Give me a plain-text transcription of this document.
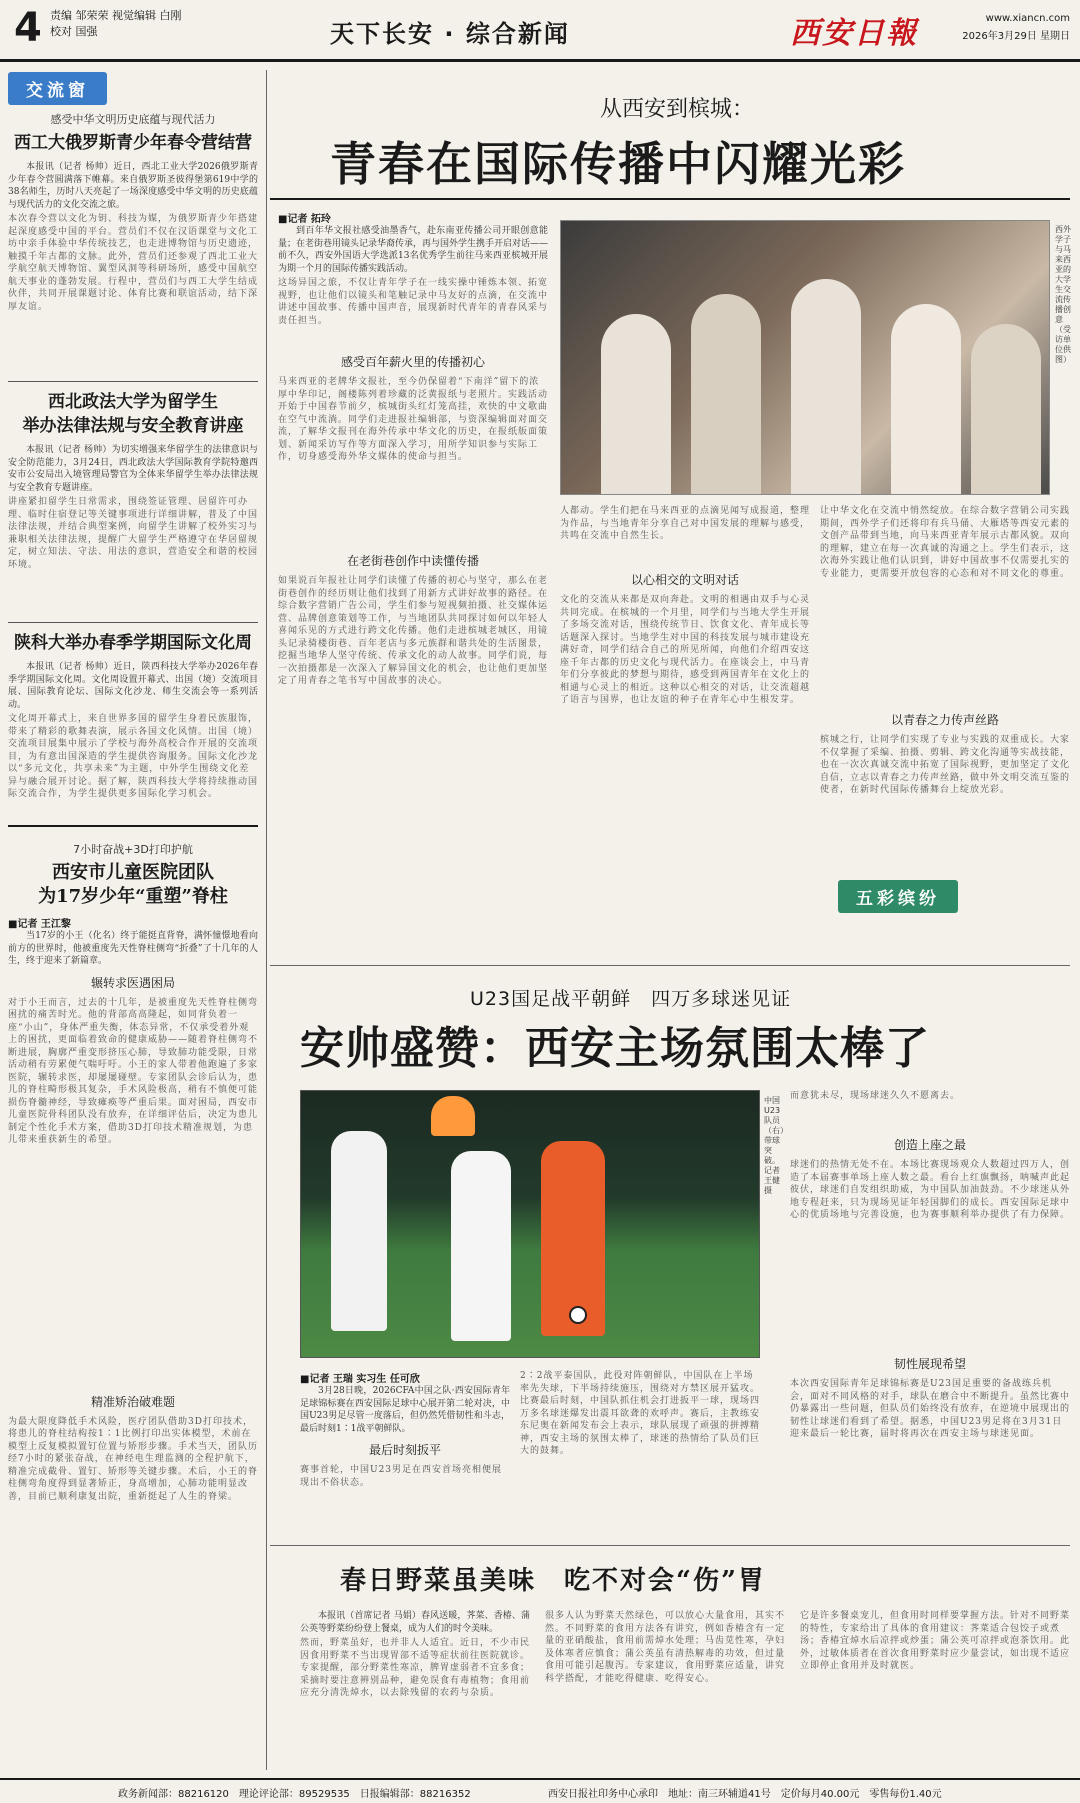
4 责编 邹荣荣 视觉编辑 白刚
校对 国强	天下长安 · 综合新闻	西安日報	www.xiancn.com
2026年3月29日 星期日
交流窗
感受中华文明历史底蕴与现代活力
西工大俄罗斯青少年春令营结营

本报讯（记者 杨帅）近日，西北工业大学2026俄罗斯青少年春令营圆满落下帷幕。来自俄罗斯圣彼得堡第619中学的38名师生，历时八天亮起了一场深度感受中华文明的历史底蕴与现代活力的文化交流之旅。

本次春令营以文化为钥、科技为媒，为俄罗斯青少年搭建起深度感受中国的平台。营员们不仅在汉语课堂与文化工坊中亲手体验中华传统技艺，也走进博物馆与历史遗迹，触摸千年古都的文脉。此外，营员们还参观了西北工业大学航空航天博物馆、翼型风洞等科研场所，感受中国航空航天事业的蓬勃发展。行程中，营员们与西工大学生结成伙伴，共同开展课题讨论、体育比赛和联谊活动，结下深厚友谊。
西北政法大学为留学生
举办法律法规与安全教育讲座

本报讯（记者 杨帅）为切实增强来华留学生的法律意识与安全防范能力，3月24日，西北政法大学国际教育学院特邀西安市公安局出入境管理局警官为全体来华留学生举办法律法规与安全教育专题讲座。

讲座紧扣留学生日常需求，围绕签证管理、居留许可办理、临时住宿登记等关键事项进行详细讲解，普及了中国法律法规，并结合典型案例，向留学生讲解了校外实习与兼职相关法律法规，提醒广大留学生严格遵守在华居留规定，树立知法、守法、用法的意识，营造安全和谐的校园环境。
陕科大举办春季学期国际文化周

本报讯（记者 杨帅）近日，陕西科技大学举办2026年春季学期国际文化周。文化周设置开幕式、出国（境）交流项目展、国际教育论坛、国际文化沙龙、师生交流会等一系列活动。

文化周开幕式上，来自世界多国的留学生身着民族服饰，带来了精彩的歌舞表演，展示各国文化风情。出国（境）交流项目展集中展示了学校与海外高校合作开展的交流项目，为有意出国深造的学生提供咨询服务。国际文化沙龙以“多元文化，共享未来”为主题，中外学生围绕文化差异与融合展开讨论。据了解，陕西科技大学将持续推动国际交流合作，为学生提供更多国际化学习机会。
7小时奋战+3D打印护航
西安市儿童医院团队
为17岁少年“重塑”脊柱
■记者 王江黎

当17岁的小王（化名）终于能挺直背脊，满怀憧憬地看向前方的世界时，他被重度先天性脊柱侧弯“折叠”了十几年的人生，终于迎来了新篇章。

辗转求医遇困局
对于小王而言，过去的十几年，是被重度先天性脊柱侧弯困扰的痛苦时光。他的背部高高隆起，如同背负着一座“小山”，身体严重失衡，体态异常，不仅承受着外观上的困扰，更面临着致命的健康威胁——随着脊柱侧弯不断进展，胸廓严重变形挤压心肺，导致肺功能受限，日常活动稍有劳累便气喘吁吁。小王的家人带着他跑遍了多家医院，辗转求医，却屡屡碰壁。专家团队会诊后认为，患儿的脊柱畸形极其复杂，手术风险极高，稍有不慎便可能损伤脊髓神经，导致瘫痪等严重后果。面对困局，西安市儿童医院骨科团队没有放弃，在详细评估后，决定为患儿制定个性化手术方案，借助3D打印技术精准规划，为患儿带来重获新生的希望。
精准矫治破难题
为最大限度降低手术风险，医疗团队借助3D打印技术，将患儿的脊柱结构按1∶1比例打印出实体模型，术前在模型上反复模拟置钉位置与矫形步骤。手术当天，团队历经7小时的紧张奋战，在神经电生理监测的全程护航下，精准完成截骨、置钉、矫形等关键步骤。术后，小王的脊柱侧弯角度得到显著矫正，身高增加，心肺功能明显改善，目前已顺利康复出院，重新挺起了人生的脊梁。
从西安到槟城：
青春在国际传播中闪耀光彩
■记者 拓玲

到百年华文报社感受油墨香气，赴东南亚传播公司开眼创意能量；在老街巷用镜头记录华裔传承，再与国外学生携手开启对话——前不久，西安外国语大学选派13名优秀学生前往马来西亚槟城开展为期一个月的国际传播实践活动。

这场异国之旅，不仅让青年学子在一线实操中锤炼本领、拓宽视野，也让他们以镜头和笔触记录中马友好的点滴，在交流中讲述中国故事、传播中国声音，展现新时代青年的青春风采与责任担当。
感受百年薪火里的传播初心
马来西亚的老牌华文报社，至今仍保留着“下南洋”留下的浓厚中华印记，阁楼陈列着珍藏的泛黄报纸与老照片。实践活动开始于中国春节前夕，槟城街头红灯笼高挂，欢快的中文歌曲在空气中流淌。同学们走进报社编辑部，与资深编辑面对面交流，了解华文报刊在海外传承中华文化的历史，在报纸版面策划、新闻采访写作等方面深入学习，用所学知识参与实际工作，切身感受海外华文媒体的使命与担当。
在老街巷创作中读懂传播
如果说百年报社让同学们读懂了传播的初心与坚守，那么在老街巷创作的经历则让他们找到了用新方式讲好故事的路径。在综合数字营销广告公司，学生们参与短视频拍摄、社交媒体运营、品牌创意策划等工作，与当地团队共同探讨如何以年轻人喜闻乐见的方式进行跨文化传播。他们走进槟城老城区，用镜头记录骑楼街巷、百年老店与多元族群和谐共处的生活图景，挖掘当地华人坚守传统、传承文化的动人故事。同学们说，每一次拍摄都是一次深入了解异国文化的机会，也让他们更加坚定了用青春之笔书写中国故事的决心。
西外学子与马来西亚的大学生交流传播创意（受访单位供图）
人都动。学生们把在马来西亚的点滴见闻写成报道，整理为作品，与当地青年分享自己对中国发展的理解与感受，共鸣在交流中自然生长。
以心相交的文明对话
文化的交流从来都是双向奔赴。文明的相遇由双手与心灵共同完成。在槟城的一个月里，同学们与当地大学生开展了多场交流对话，围绕传统节日、饮食文化、青年成长等话题深入探讨。当地学生对中国的科技发展与城市建设充满好奇，同学们结合自己的所见所闻，向他们介绍西安这座千年古都的历史文化与现代活力。在座谈会上，中马青年们分享彼此的梦想与期待，感受到两国青年在文化上的相通与心灵上的相近。这种以心相交的对话，让交流超越了语言与国界，也让友谊的种子在青年心中生根发芽。
让中华文化在交流中悄然绽放。在综合数字营销公司实践期间，西外学子们还将印有兵马俑、大雁塔等西安元素的文创产品带到当地，向马来西亚青年展示古都风貌。双向的理解，建立在每一次真诚的沟通之上。学生们表示，这次海外实践让他们认识到，讲好中国故事不仅需要扎实的专业能力，更需要开放包容的心态和对不同文化的尊重。
以青春之力传声丝路
槟城之行，让同学们实现了专业与实践的双重成长。大家不仅掌握了采编、拍摄、剪辑、跨文化沟通等实战技能，也在一次次真诚交流中拓宽了国际视野，更加坚定了文化自信，立志以青春之力传声丝路，做中外文明交流互鉴的使者，在新时代国际传播舞台上绽放光彩。
五彩缤纷
U23国足战平朝鲜　四万多球迷见证
安帅盛赞：西安主场氛围太棒了
中国U23队员（右）带球突破。记者王健摄
■记者 王瑞 实习生 任可欣

3月28日晚，2026CFA中国之队·西安国际青年足球锦标赛在西安国际足球中心展开第二轮对决，中国U23男足尽管一度落后，但仍然凭借韧性和斗志，最后时刻1∶1战平朝鲜队。

最后时刻扳平
赛事首轮，中国U23男足在西安首场亮相便展现出不俗状态。
2∶2战平泰国队，此役对阵朝鲜队，中国队在上半场率先失球，下半场持续施压，围绕对方禁区展开猛攻。比赛最后时刻，中国队抓住机会打进扳平一球，现场四万多名球迷爆发出震耳欲聋的欢呼声。赛后，主教练安东尼奥在新闻发布会上表示，球队展现了顽强的拼搏精神，西安主场的氛围太棒了，球迷的热情给了队员们巨大的鼓舞。
而意犹未尽，现场球迷久久不愿离去。
创造上座之最
球迷们的热情无处不在。本场比赛现场观众人数超过四万人，创造了本届赛事单场上座人数之最。看台上红旗飘扬，呐喊声此起彼伏，球迷们自发组织助威，为中国队加油鼓劲。不少球迷从外地专程赶来，只为现场见证年轻国脚们的成长。西安国际足球中心的优质场地与完善设施，也为赛事顺利举办提供了有力保障。
韧性展现希望
本次西安国际青年足球锦标赛是U23国足重要的备战练兵机会，面对不同风格的对手，球队在磨合中不断提升。虽然比赛中仍暴露出一些问题，但队员们始终没有放弃，在逆境中展现出的韧性让球迷们看到了希望。据悉，中国U23男足将在3月31日迎来最后一轮比赛，届时将再次在西安主场与球迷见面。
春日野菜虽美味　吃不对会“伤”胃

本报讯（首席记者 马娟）春风送暖，荠菜、香椿、蒲公英等野菜纷纷登上餐桌，成为人们的时令美味。

然而，野菜虽好，也并非人人适宜。近日，不少市民因食用野菜不当出现胃部不适等症状前往医院就诊。专家提醒，部分野菜性寒凉，脾胃虚弱者不宜多食；采摘时要注意辨别品种，避免误食有毒植物；食用前应充分清洗焯水，以去除残留的农药与杂质。
很多人认为野菜天然绿色，可以放心大量食用，其实不然。不同野菜的食用方法各有讲究，例如香椿含有一定量的亚硝酸盐，食用前需焯水处理；马齿苋性寒，孕妇及体寒者应慎食；蒲公英虽有清热解毒的功效，但过量食用可能引起腹泻。专家建议，食用野菜应适量，讲究科学搭配，才能吃得健康、吃得安心。
它是许多餐桌宠儿，但食用时同样要掌握方法。针对不同野菜的特性，专家给出了具体的食用建议：荠菜适合包饺子或煮汤；香椿宜焯水后凉拌或炒蛋；蒲公英可凉拌或泡茶饮用。此外，过敏体质者在首次食用野菜时应少量尝试，如出现不适应立即停止食用并及时就医。
政务新闻部：88216120　理论评论部：89529535　日报编辑部：88216352	西安日报社印务中心承印　地址：南三环辅道41号　定价每月40.00元　零售每份1.40元
